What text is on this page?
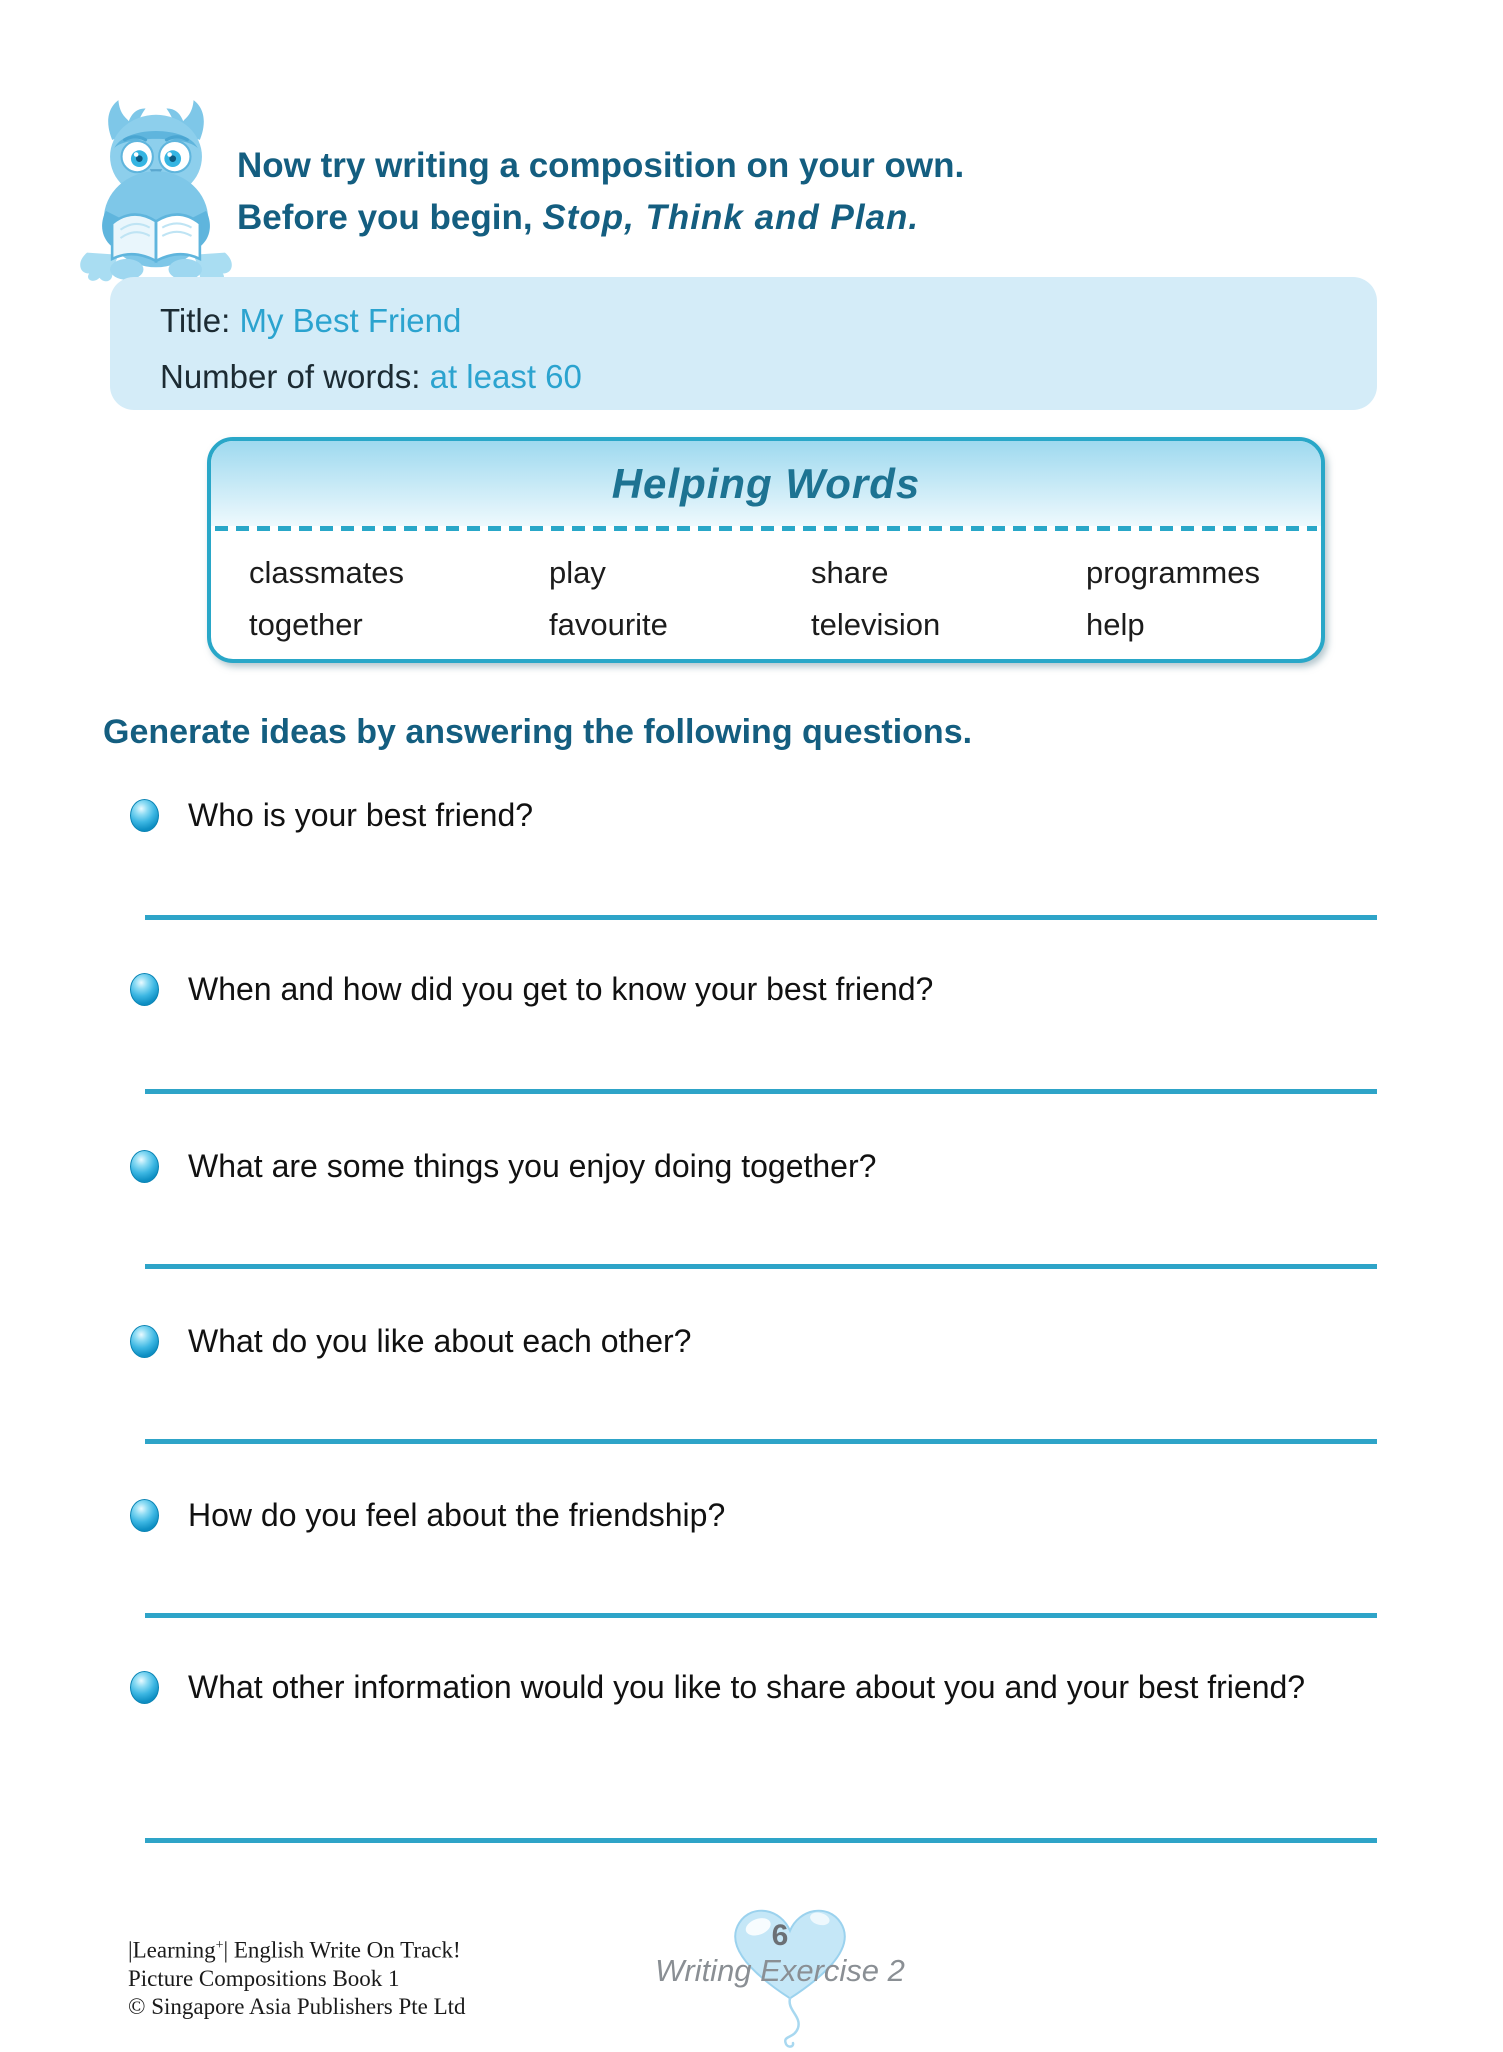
Now try writing a composition on your own.
Before you begin, Stop, Think and Plan.
Title: My Best Friend
Number of words: at least 60
Helping Words
classmates	play	share	programmes
together	favourite	television	help
Generate ideas by answering the following questions.
Who is your best friend?
When and how did you get to know your best friend?
What are some things you enjoy doing together?
What do you like about each other?
How do you feel about the friendship?
What other information would you like to share about you and your best friend?
|Learning+| English Write On Track!
Picture Compositions Book 1
© Singapore Asia Publishers Pte Ltd
6
Writing Exercise 2
